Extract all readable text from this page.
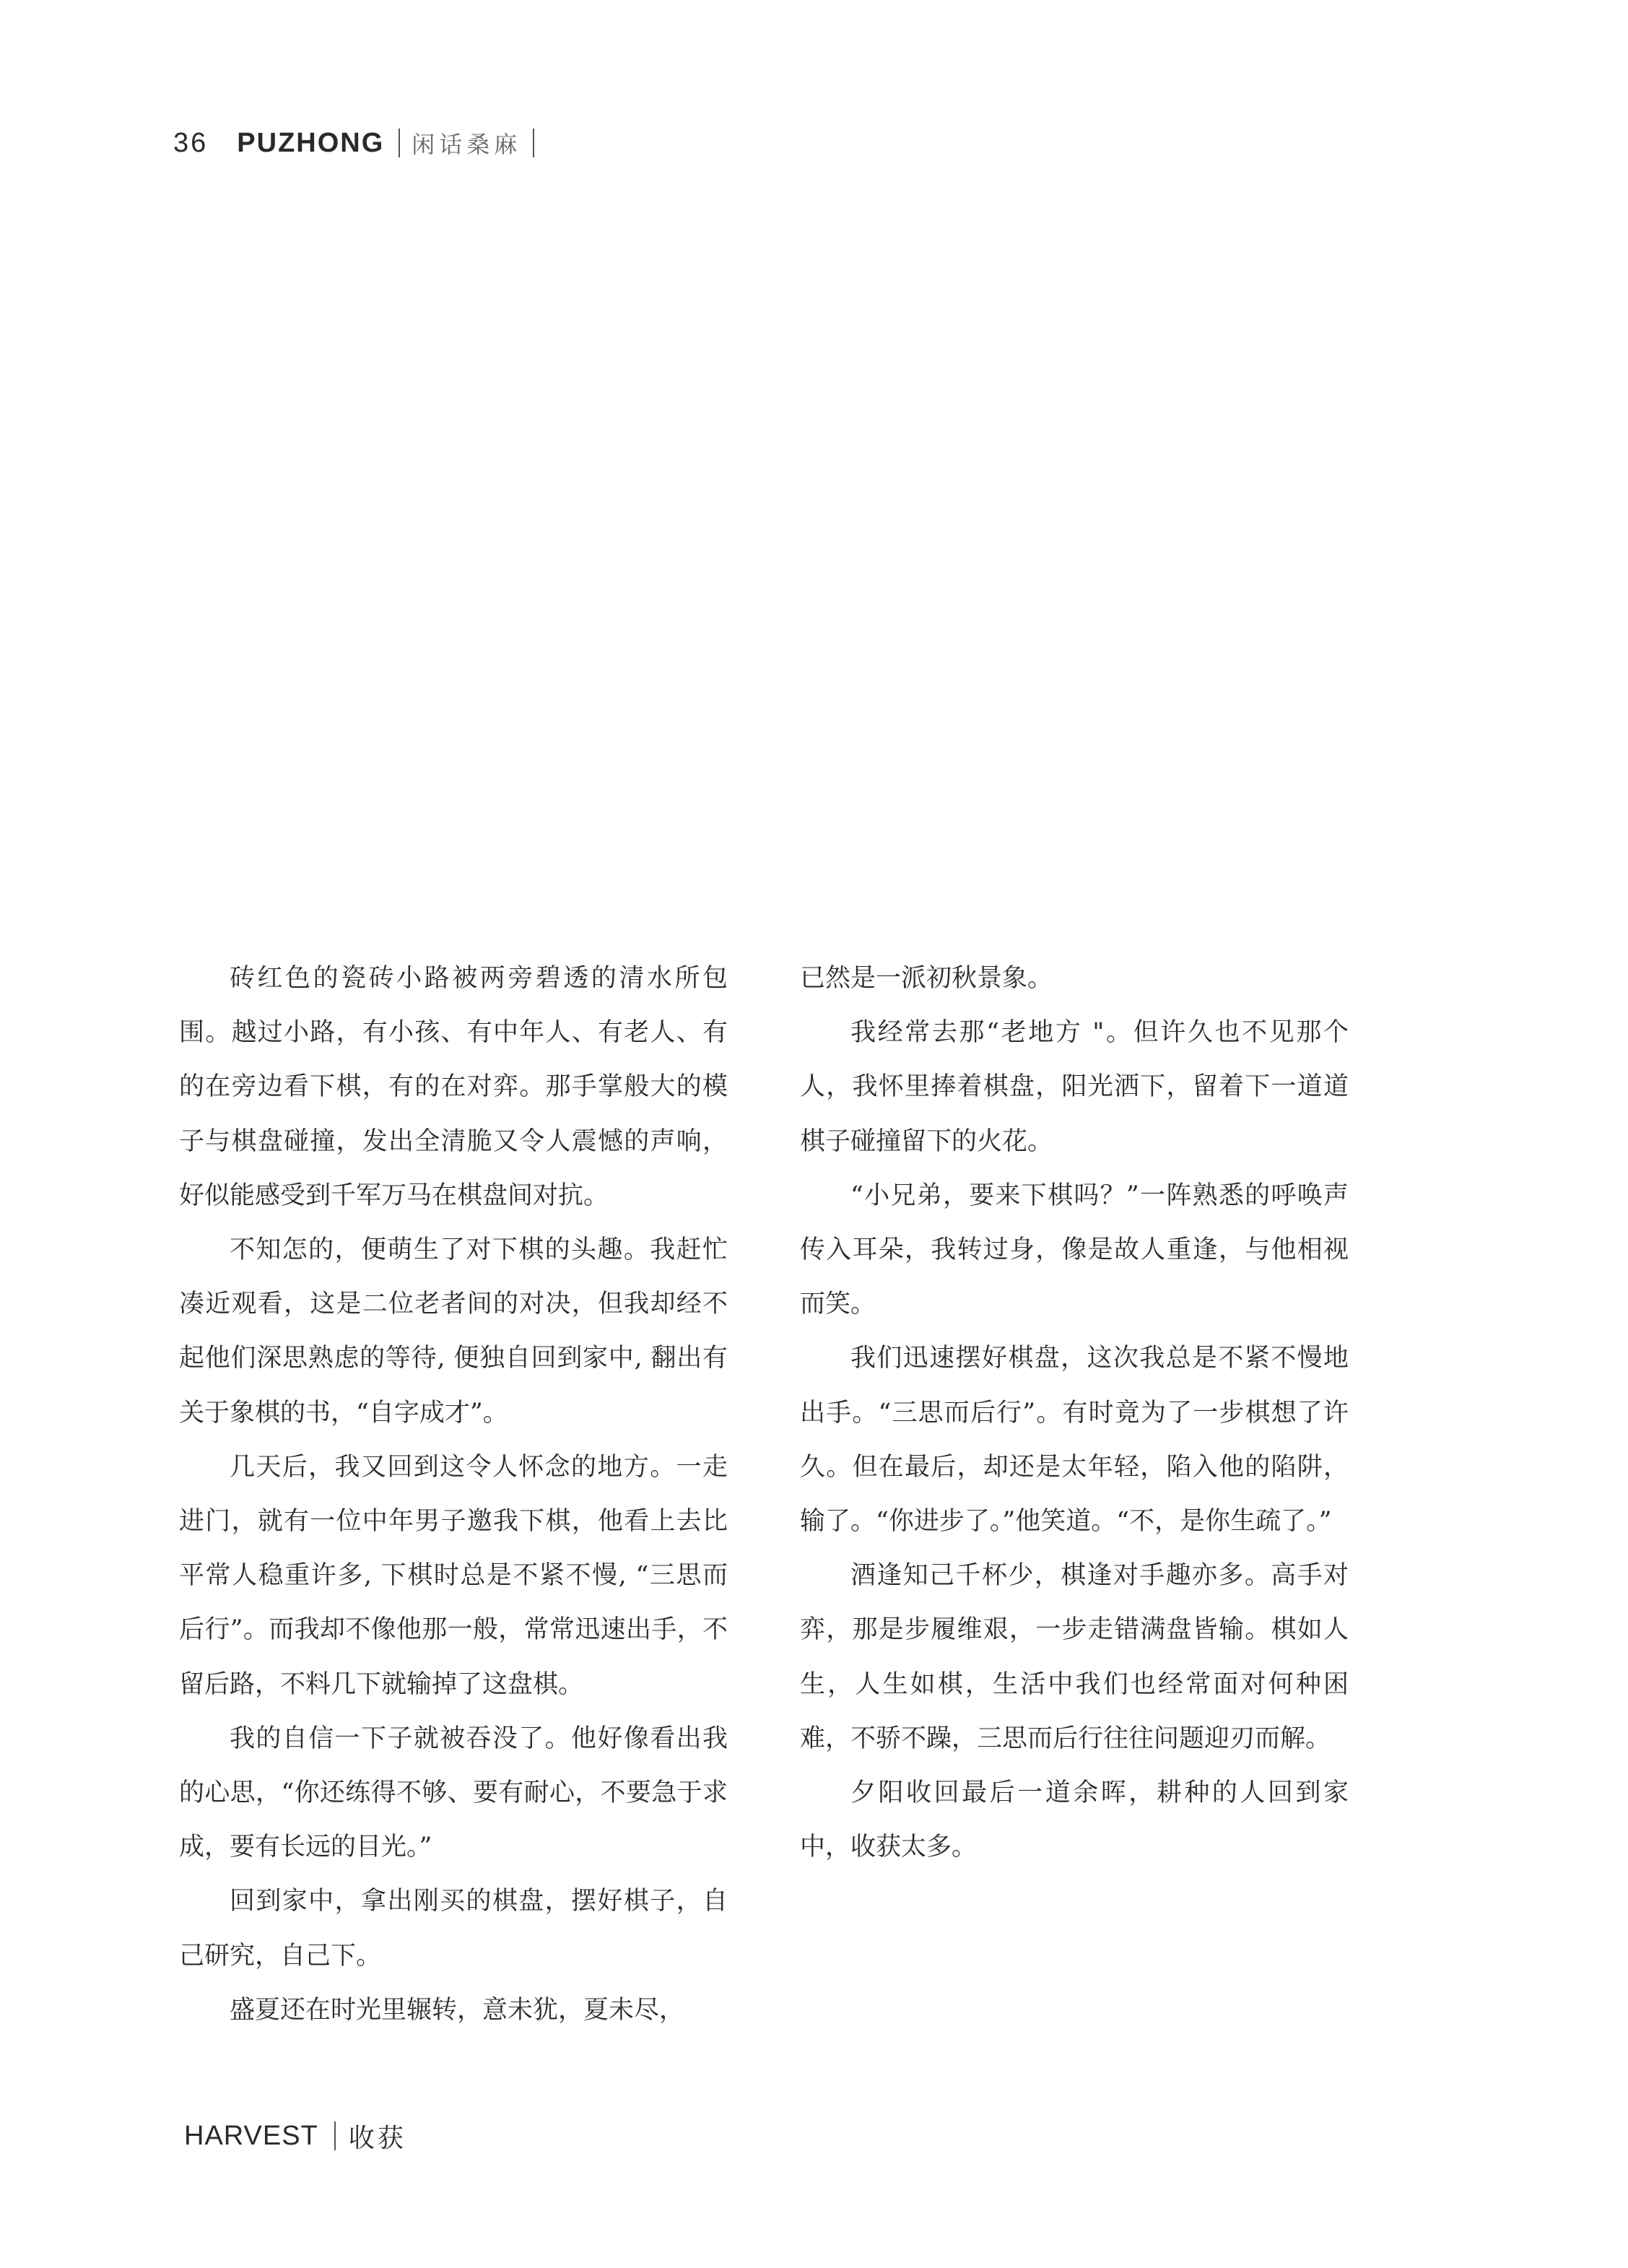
36 PUZHONG 闲话桑麻

砖红色的瓷砖小路被两旁碧透的清水所包围。越过小路，有小孩、有中年人、有老人、有的在旁边看下棋，有的在对弈。那手掌般大的模子与棋盘碰撞，发出全清脆又令人震憾的声响，好似能感受到千军万马在棋盘间对抗。

不知怎的，便萌生了对下棋的头趣。我赶忙凑近观看，这是二位老者间的对决，但我却经不起他们深思熟虑的等待, 便独自回到家中, 翻出有关于象棋的书，“自字成才”。

几天后，我又回到这令人怀念的地方。一走进门，就有一位中年男子邀我下棋，他看上去比平常人稳重许多, 下棋时总是不紧不慢, “三思而后行”。而我却不像他那一般，常常迅速出手，不留后路，不料几下就输掉了这盘棋。

我的自信一下子就被吞没了。他好像看出我的心思，“你还练得不够、要有耐心，不要急于求成，要有长远的目光。”

回到家中，拿出刚买的棋盘，摆好棋子，自己研究，自己下。

盛夏还在时光里辗转，意未犹，夏未尽，

已然是一派初秋景象。

我经常去那“老地方 "。但许久也不见那个人，我怀里捧着棋盘，阳光洒下，留着下一道道棋子碰撞留下的火花。

“小兄弟，要来下棋吗？”一阵熟悉的呼唤声传入耳朵，我转过身，像是故人重逢，与他相视而笑。

我们迅速摆好棋盘，这次我总是不紧不慢地出手。“三思而后行”。有时竟为了一步棋想了许久。但在最后，却还是太年轻，陷入他的陷阱，输了。“你进步了。”他笑道。“不，是你生疏了。”

酒逢知己千杯少，棋逢对手趣亦多。高手对弈，那是步履维艰，一步走错满盘皆输。棋如人生，人生如棋，生活中我们也经常面对何种困难，不骄不躁，三思而后行往往问题迎刃而解。

夕阳收回最后一道余晖，耕种的人回到家中，收获太多。

HARVEST 收获
